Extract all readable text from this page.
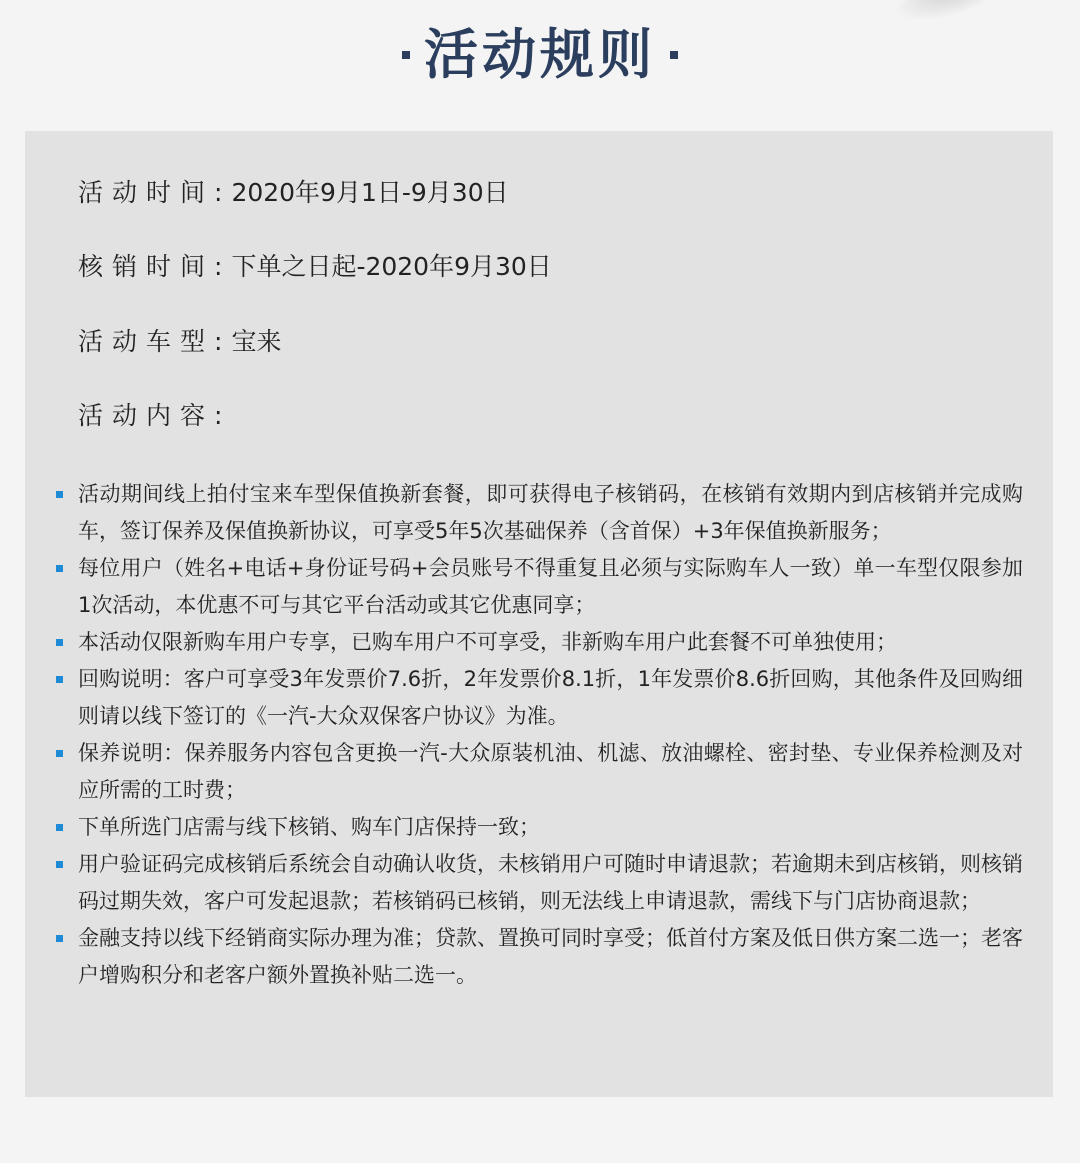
活动规则
活动时间:2020年9月1日-9月30日
核销时间:下单之日起-2020年9月30日
活动车型:宝来
活动内容:
活动期间线上拍付宝来车型保值换新套餐，即可获得电子核销码，在核销有效期内到店核销并完成购车，签订保养及保值换新协议，可享受5年5次基础保养（含首保）+3年保值换新服务；
每位用户（姓名+电话+身份证号码+会员账号不得重复且必须与实际购车人一致）单一车型仅限参加1次活动，本优惠不可与其它平台活动或其它优惠同享；
本活动仅限新购车用户专享，已购车用户不可享受，非新购车用户此套餐不可单独使用；
回购说明：客户可享受3年发票价7.6折，2年发票价8.1折，1年发票价8.6折回购，其他条件及回购细则请以线下签订的《一汽-大众双保客户协议》为准。
保养说明：保养服务内容包含更换一汽-大众原装机油、机滤、放油螺栓、密封垫、专业保养检测及对应所需的工时费；
下单所选门店需与线下核销、购车门店保持一致；
用户验证码完成核销后系统会自动确认收货，未核销用户可随时申请退款；若逾期未到店核销，则核销码过期失效，客户可发起退款；若核销码已核销，则无法线上申请退款，需线下与门店协商退款；
金融支持以线下经销商实际办理为准；贷款、置换可同时享受；低首付方案及低日供方案二选一；老客户增购积分和老客户额外置换补贴二选一。
